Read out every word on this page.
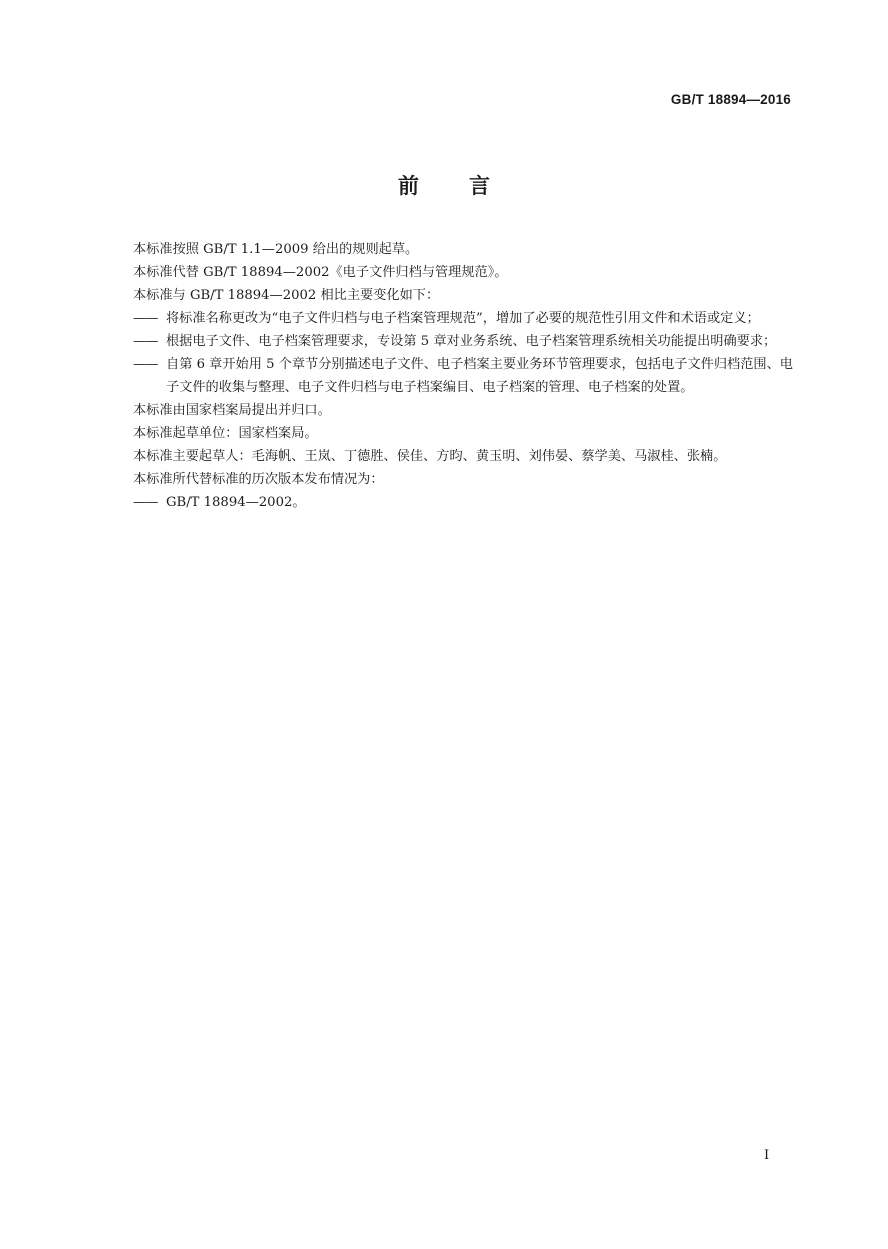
GB/T 18894—2016
前言

本标准按照 GB/T 1.1—2009 给出的规则起草。

本标准代替 GB/T 18894—2002《电子文件归档与管理规范》。

本标准与 GB/T 18894—2002 相比主要变化如下：

—— 将标准名称更改为“电子文件归档与电子档案管理规范”，增加了必要的规范性引用文件和术语或定义；
—— 根据电子文件、电子档案管理要求，专设第 5 章对业务系统、电子档案管理系统相关功能提出明确要求；
—— 自第 6 章开始用 5 个章节分别描述电子文件、电子档案主要业务环节管理要求，包括电子文件归档范围、电子文件的收集与整理、电子文件归档与电子档案编目、电子档案的管理、电子档案的处置。

本标准由国家档案局提出并归口。

本标准起草单位：国家档案局。

本标准主要起草人：毛海帆、王岚、丁德胜、侯佳、方昀、黄玉明、刘伟晏、蔡学美、马淑桂、张楠。

本标准所代替标准的历次版本发布情况为：

—— GB/T 18894—2002。
I
